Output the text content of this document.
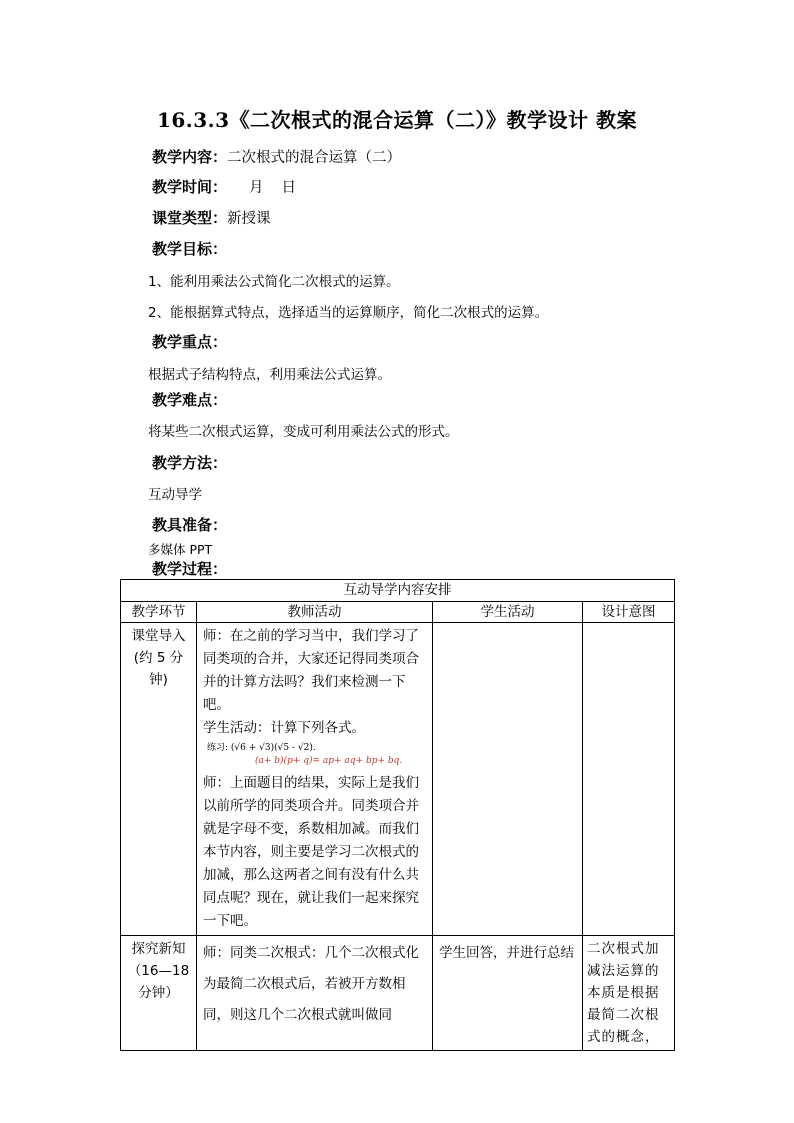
16.3.3《二次根式的混合运算（二）》教学设计 教案
教学内容：二次根式的混合运算（二）
教学时间： 月 日
课堂类型：新授课
教学目标：
1、能利用乘法公式简化二次根式的运算。
2、能根据算式特点，选择适当的运算顺序，简化二次根式的运算。
教学重点：
根据式子结构特点，利用乘法公式运算。
教学难点：
将某些二次根式运算，变成可利用乘法公式的形式。
教学方法：
互动导学
教具准备：
多媒体 PPT
教学过程：
互动导学内容安排			
教学环节	教师活动	学生活动	设计意图
课堂导入(约 5 分钟)	师：在之前的学习当中，我们学习了同类项的合并，大家还记得同类项合并的计算方法吗？我们来检测一下吧。
学生活动：计算下列各式。
练习: (√6 + √3)(√5 - √2).
(a+ b)(p+ q)= ap+ aq+ bp+ bq.
师：上面题目的结果，实际上是我们以前所学的同类项合并。同类项合并就是字母不变，系数相加减。而我们本节内容，则主要是学习二次根式的加减，那么这两者之间有没有什么共同点呢？现在，就让我们一起来探究一下吧。		

探究新知（16—18 分钟）	师：同类二次根式：几个二次根式化为最简二次根式后，若被开方数相同，则这几个二次根式就叫做同	学生回答，并进行总结	二次根式加减法运算的本质是根据最简二次根式的概念，
